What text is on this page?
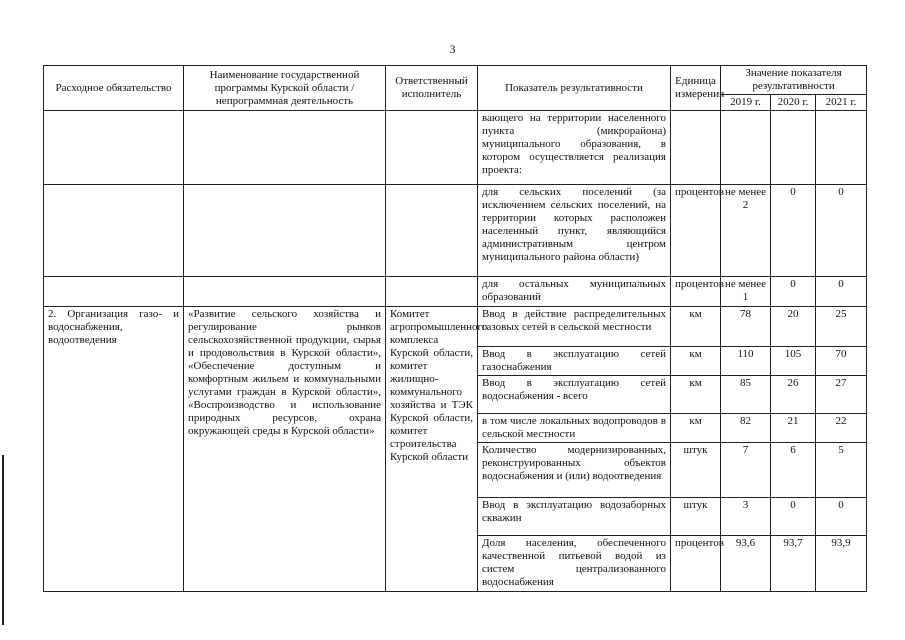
3
Расходное обязательство	Наименование государственной программы Курской области / непрограммная деятельность	Ответственный исполнитель	Показатель результативности	Единица измерения	Значение показателя результативности		
					2019 г.	2020 г.	2021 г.
			вающего на территории населенного пункта (микрорайона) муниципального образования, в котором осуществляется реализация проекта:				
			для сельских поселений (за исключением сельских поселений, на территории которых расположен населенный пункт, являющийся административным центром муниципального района области)	процентов	не менее 2	0	0
			для остальных муниципальных образований	процентов	не менее 1	0	0
2. Организация газо- и водоснабжения, водоотведения	«Развитие сельского хозяйства и регулирование рынков сельскохозяйственной продукции, сырья и продовольствия в Курской области», «Обеспечение доступным и комфортным жильем и коммунальными услугами граждан в Курской области», «Воспроизводство и использование природных ресурсов, охрана окружающей среды в Курской области»	Комитет агропромышленного комплекса Курской области, комитет жилищно-коммунального хозяйства и ТЭК Курской области, комитет строительства Курской области	Ввод в действие распределительных газовых сетей в сельской местности	км	78	20	25
			Ввод в эксплуатацию сетей газоснабжения	км	110	105	70
			Ввод в эксплуатацию сетей водоснабжения - всего	км	85	26	27
			в том числе локальных водопроводов в сельской местности	км	82	21	22
			Количество модернизированных, реконструированных объектов водоснабжения и (или) водоотведения	штук	7	6	5
			Ввод в эксплуатацию водозаборных скважин	штук	3	0	0
			Доля населения, обеспеченного качественной питьевой водой из систем централизованного водоснабжения	процентов	93,6	93,7	93,9
